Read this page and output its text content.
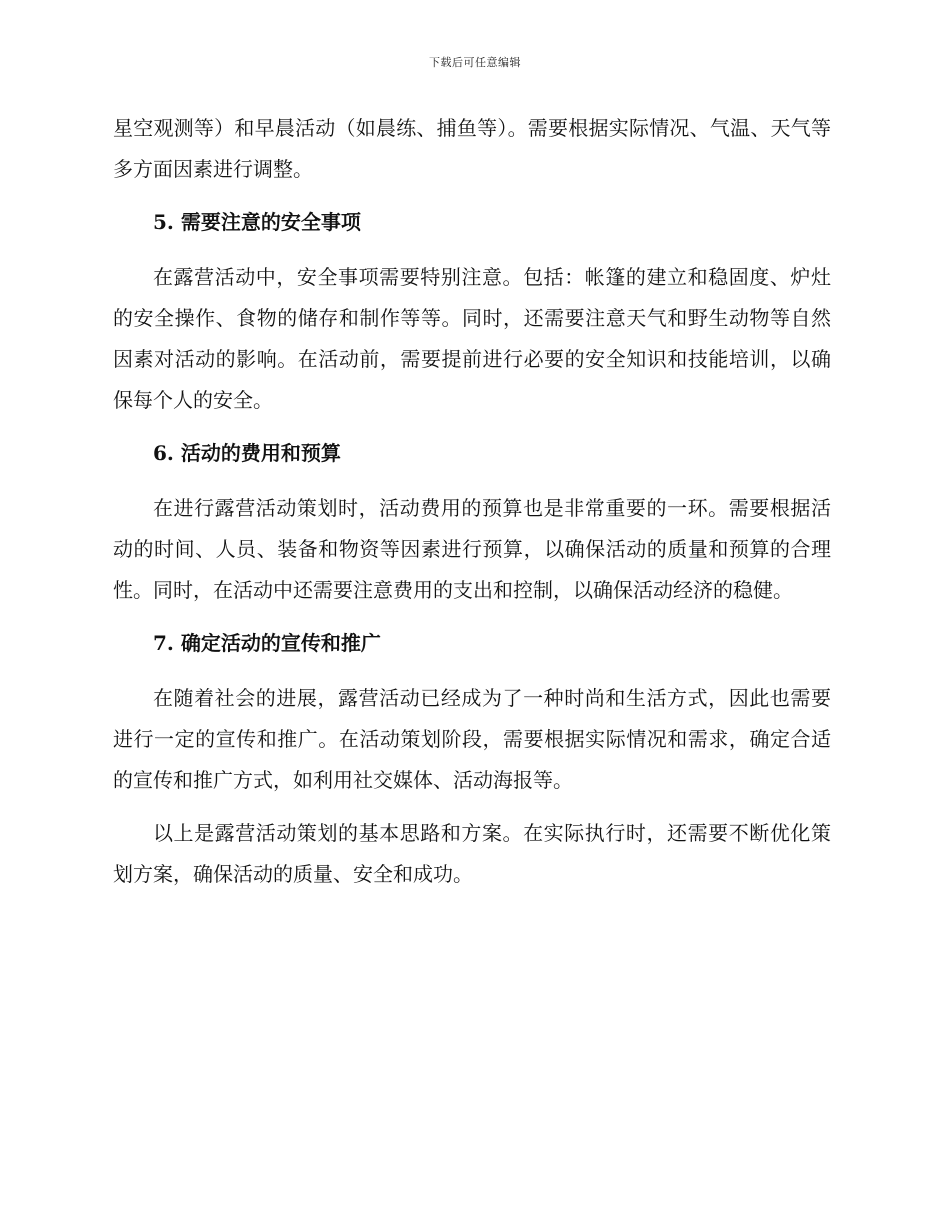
下载后可任意编辑

星空观测等）和早晨活动（如晨练、捕鱼等）。需要根据实际情况、气温、天气等多方面因素进行调整。

5. 需要注意的安全事项

在露营活动中，安全事项需要特别注意。包括：帐篷的建立和稳固度、炉灶的安全操作、食物的储存和制作等等。同时，还需要注意天气和野生动物等自然因素对活动的影响。在活动前，需要提前进行必要的安全知识和技能培训，以确保每个人的安全。

6. 活动的费用和预算

在进行露营活动策划时，活动费用的预算也是非常重要的一环。需要根据活动的时间、人员、装备和物资等因素进行预算，以确保活动的质量和预算的合理性。同时，在活动中还需要注意费用的支出和控制，以确保活动经济的稳健。

7. 确定活动的宣传和推广

在随着社会的进展，露营活动已经成为了一种时尚和生活方式，因此也需要进行一定的宣传和推广。在活动策划阶段，需要根据实际情况和需求，确定合适的宣传和推广方式，如利用社交媒体、活动海报等。

以上是露营活动策划的基本思路和方案。在实际执行时，还需要不断优化策划方案，确保活动的质量、安全和成功。
